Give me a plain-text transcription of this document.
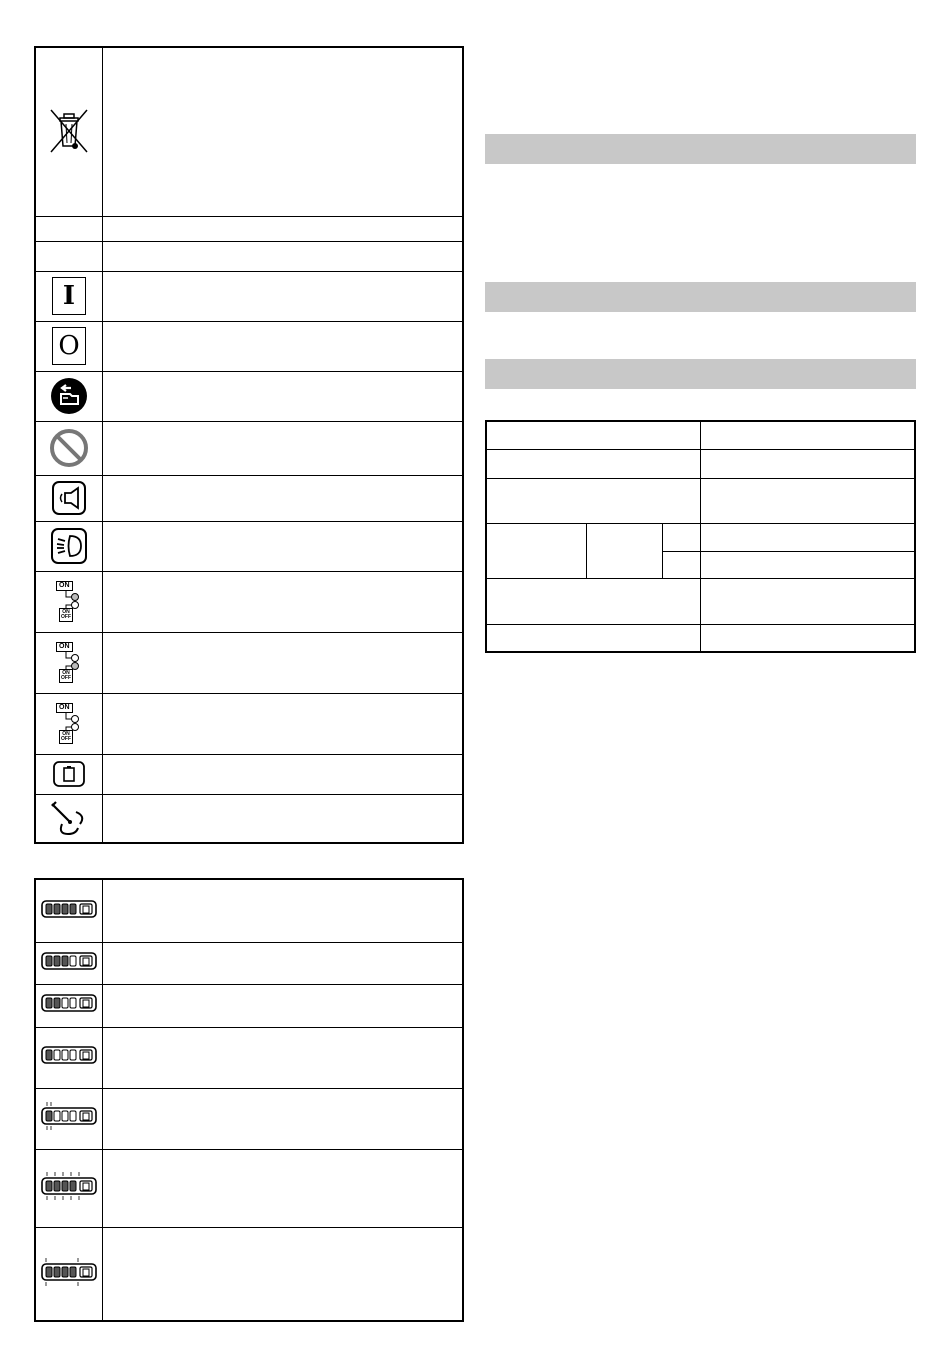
I
O
ON
ON
OFF
ON
ON
OFF
ON
ON
OFF
